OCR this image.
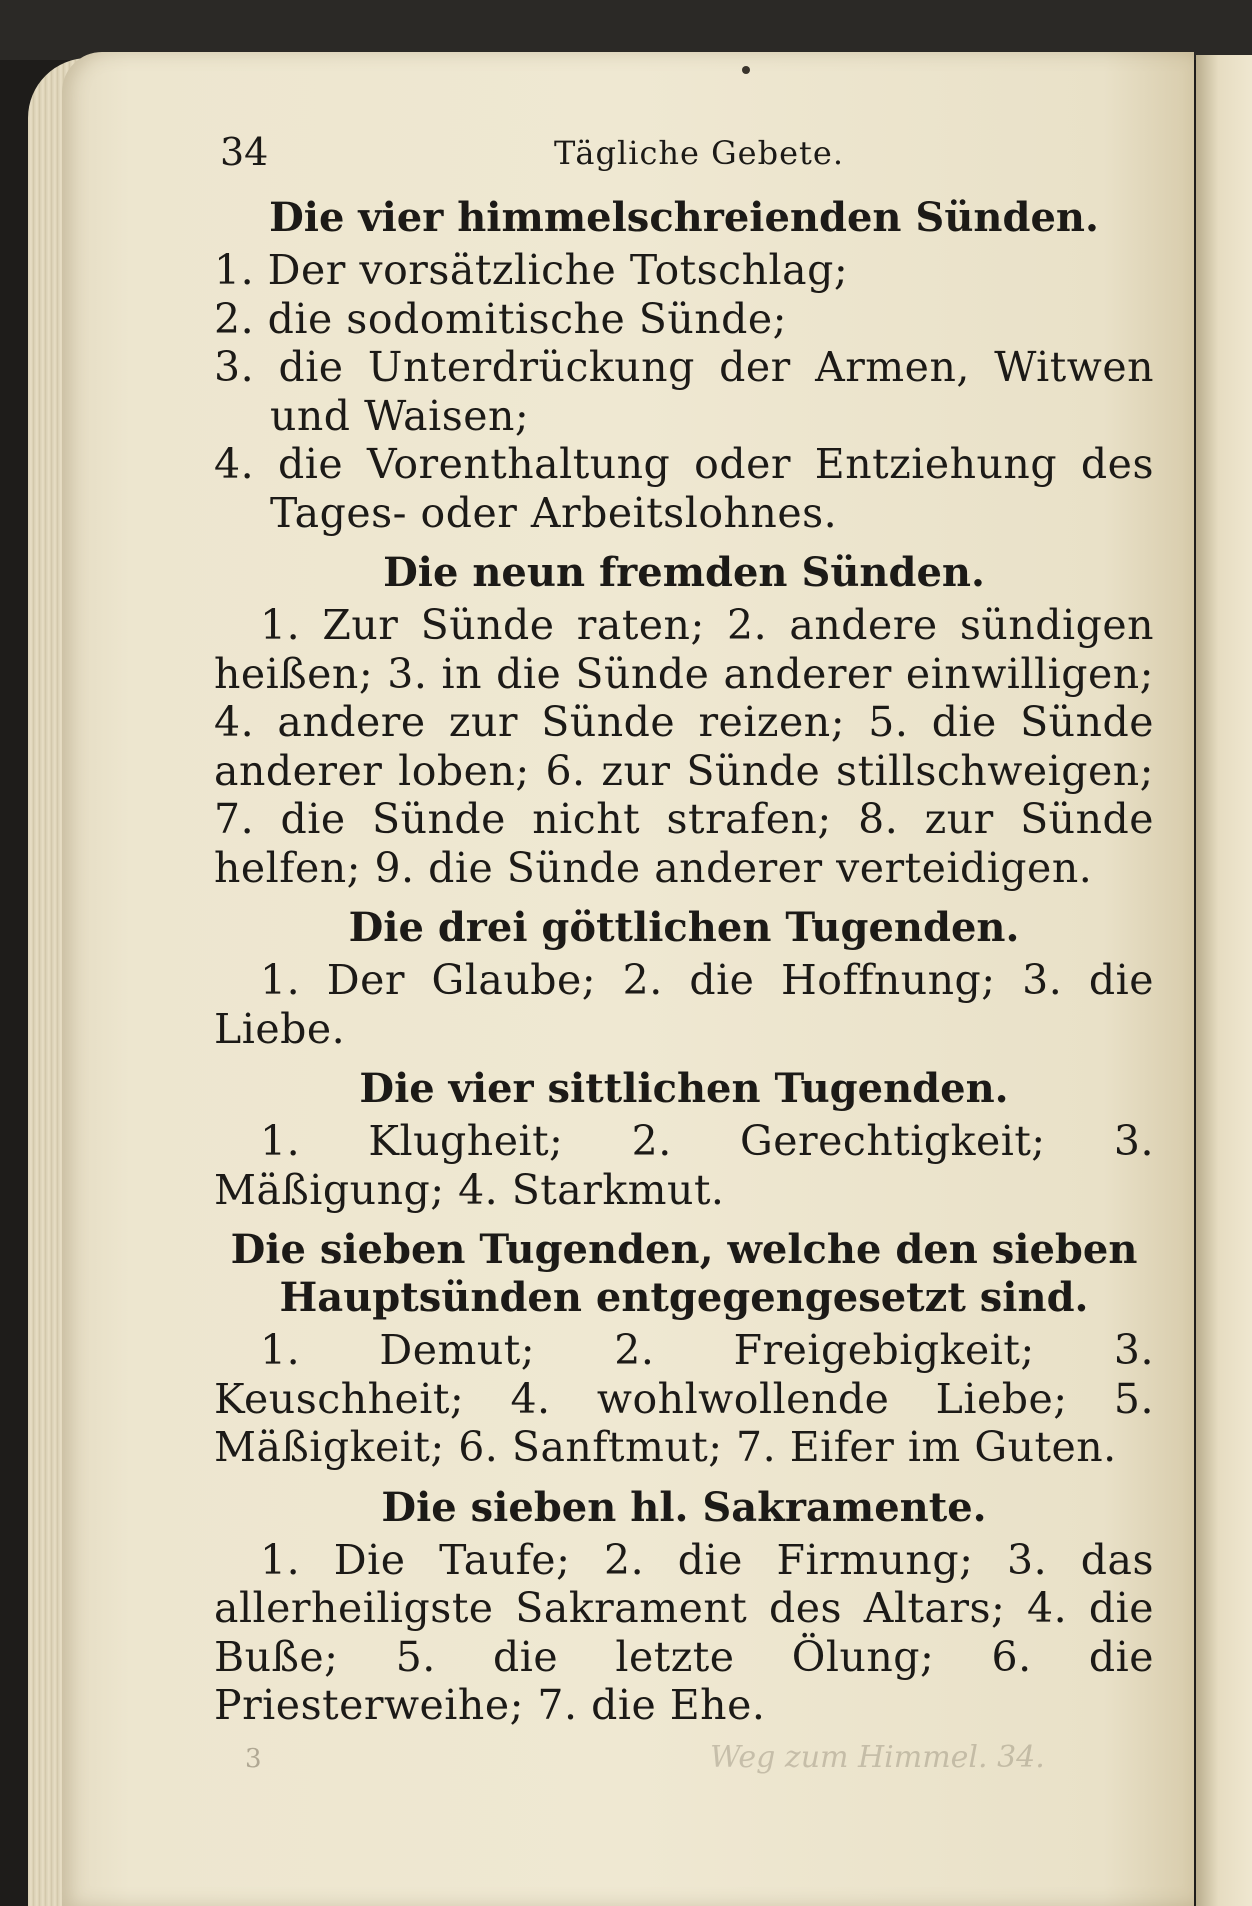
34	Tägliche Gebete.
Die vier himmelschreienden Sünden.
1. Der vorsätzliche Totschlag;
2. die sodomitische Sünde;
3. die Unterdrückung der Armen, Witwen und Waisen;
4. die Vorenthaltung oder Entziehung des Tages- oder Arbeitslohnes.
Die neun fremden Sünden.
1. Zur Sünde raten; 2. andere sündigen heißen; 3. in die Sünde anderer einwilligen; 4. andere zur Sünde reizen; 5. die Sünde anderer loben; 6. zur Sünde stillschweigen; 7. die Sünde nicht strafen; 8. zur Sünde helfen; 9. die Sünde anderer verteidigen.
Die drei göttlichen Tugenden.
1. Der Glaube; 2. die Hoffnung; 3. die Liebe.
Die vier sittlichen Tugenden.
1. Klugheit; 2. Gerechtigkeit; 3. Mäßigung; 4. Starkmut.
Die sieben Tugenden, welche den sieben Hauptsünden entgegengesetzt sind.
1. Demut; 2. Freigebigkeit; 3. Keuschheit; 4. wohlwollende Liebe; 5. Mäßigkeit; 6. Sanftmut; 7. Eifer im Guten.
Die sieben hl. Sakramente.
1. Die Taufe; 2. die Firmung; 3. das allerheiligste Sakrament des Altars; 4. die Buße; 5. die letzte Ölung; 6. die Priesterweihe; 7. die Ehe.
3	Weg zum Himmel. 34.
